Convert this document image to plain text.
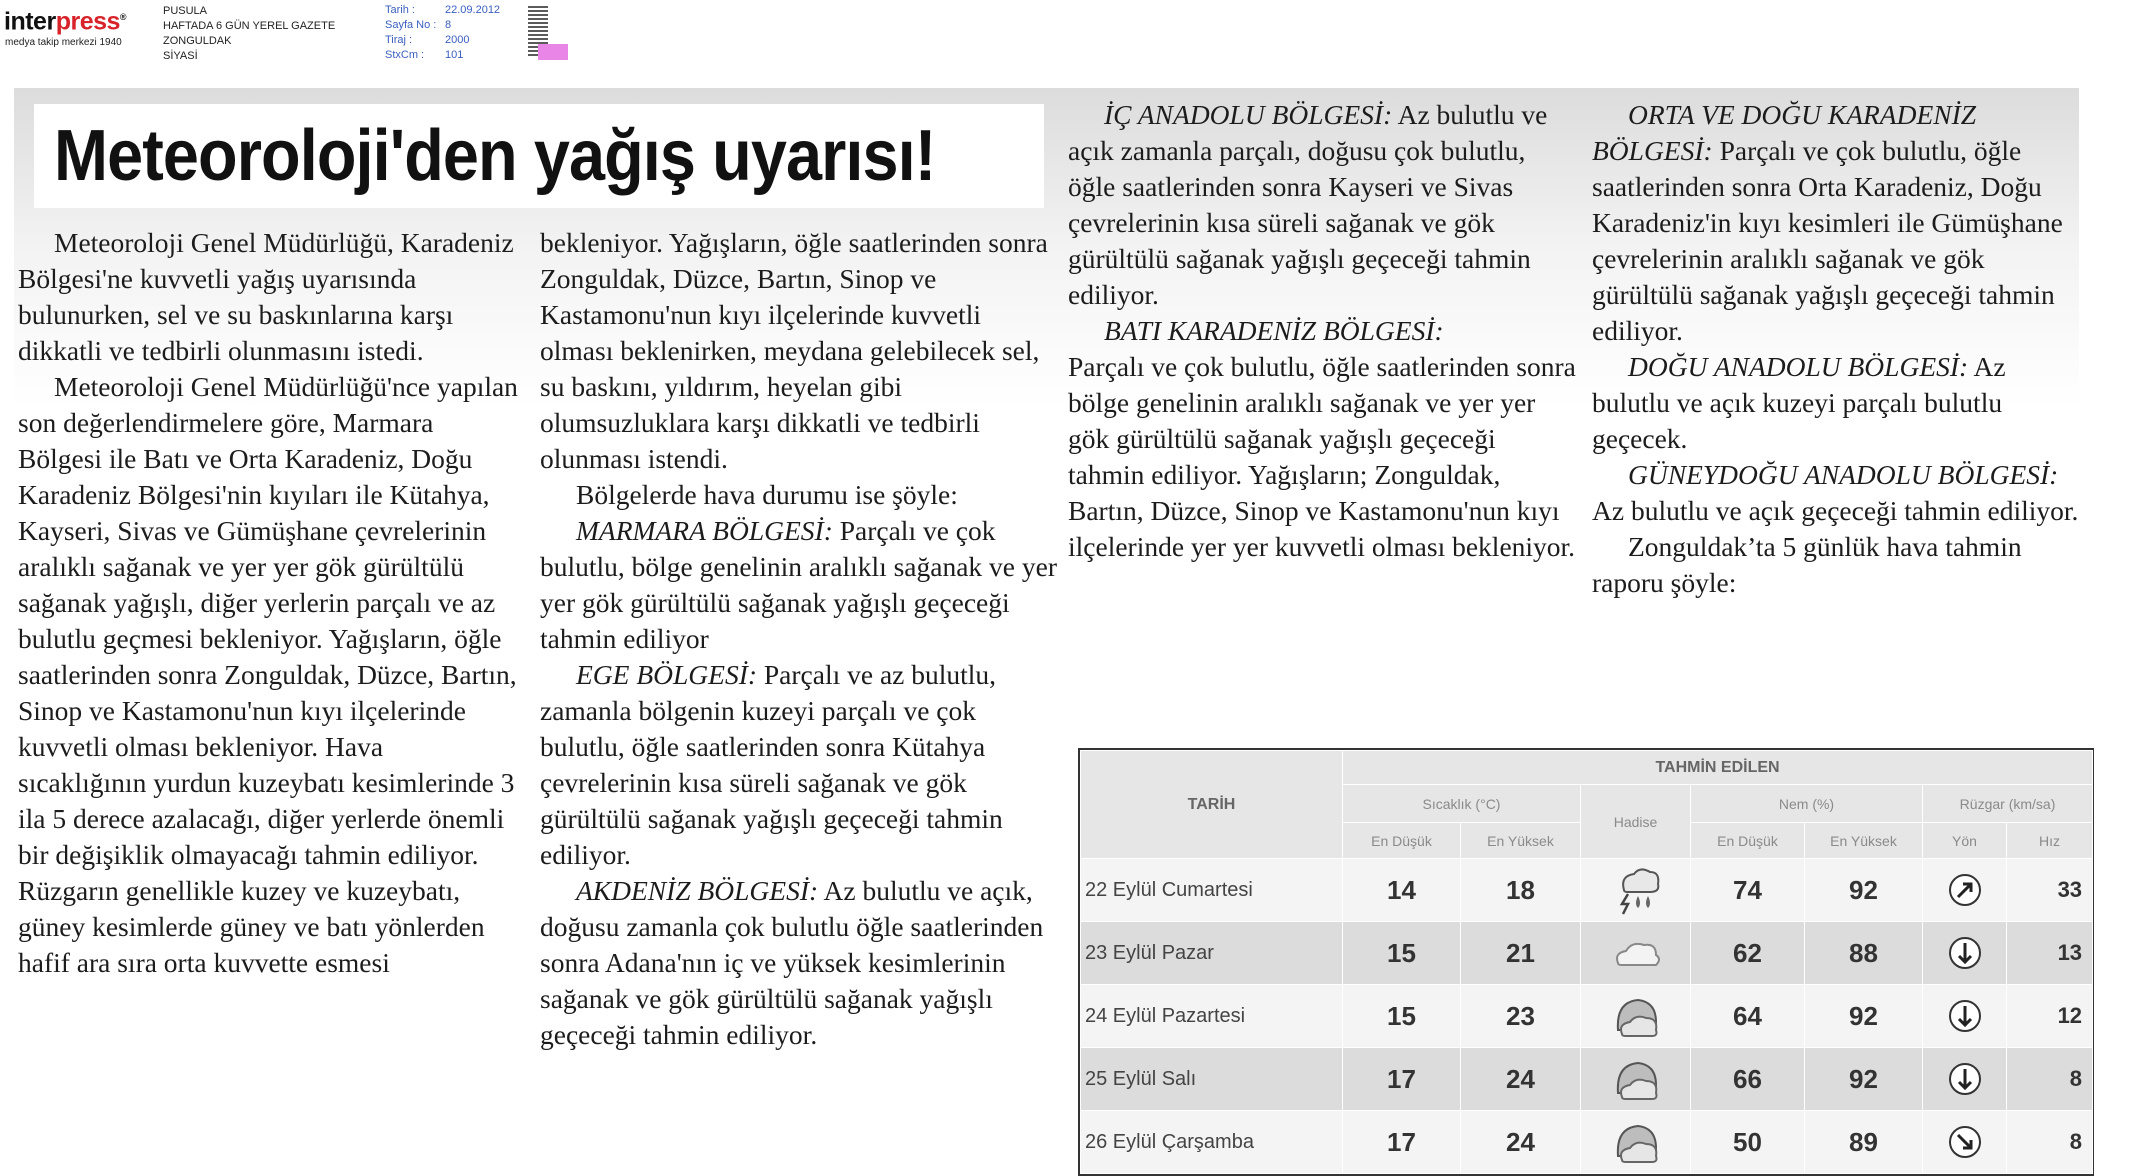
interpress®
medya takip merkezi 1940
PUSULA
HAFTADA 6 GÜN YEREL GAZETE
ZONGULDAK
SİYASİ
Tarih :	22.09.2012
Sayfa No : 8
Tiraj :	2000
StxCm :	101
Meteoroloji'den yağış uyarısı!

Meteoroloji Genel Müdürlüğü, Karadeniz Bölgesi'ne kuvvetli yağış uyarısında bulunurken, sel ve su baskınlarına karşı dikkatli ve tedbirli olunmasını istedi.

Meteoroloji Genel Müdürlüğü'nce yapılan son değerlendirmelere göre, Marmara Bölgesi ile Batı ve Orta Karadeniz, Doğu Karadeniz Bölgesi'nin kıyıları ile Kütahya, Kayseri, Sivas ve Gümüşhane çevrelerinin aralıklı sağanak ve yer yer gök gürültülü sağanak yağışlı, diğer yerlerin parçalı ve az bulutlu geçmesi bekleniyor. Yağışların, öğle saatlerinden sonra Zonguldak, Düzce, Bartın, Sinop ve Kastamonu'nun kıyı ilçelerinde kuvvetli olması bekleniyor. Hava sıcaklığının yurdun kuzeybatı kesimlerinde 3 ila 5 derece azalacağı, diğer yerlerde önemli bir değişiklik olmayacağı tahmin ediliyor. Rüzgarın genellikle kuzey ve kuzeybatı, güney kesimlerde güney ve batı yönlerden hafif ara sıra orta kuvvette esmesi

bekleniyor. Yağışların, öğle saatlerinden sonra Zonguldak, Düzce, Bartın, Sinop ve Kastamonu'nun kıyı ilçelerinde kuvvetli olması beklenirken, meydana gelebilecek sel, su baskını, yıldırım, heyelan gibi olumsuzluklara karşı dikkatli ve tedbirli olunması istendi.

Bölgelerde hava durumu ise şöyle:

MARMARA BÖLGESİ: Parçalı ve çok bulutlu, bölge genelinin aralıklı sağanak ve yer yer gök gürültülü sağanak yağışlı geçeceği tahmin ediliyor

EGE BÖLGESİ: Parçalı ve az bulutlu, zamanla bölgenin kuzeyi parçalı ve çok bulutlu, öğle saatlerinden sonra Kütahya çevrelerinin kısa süreli sağanak ve gök gürültülü sağanak yağışlı geçeceği tahmin ediliyor.

AKDENİZ BÖLGESİ: Az bulutlu ve açık, doğusu zamanla çok bulutlu öğle saatlerinden sonra Adana'nın iç ve yüksek kesimlerinin sağanak ve gök gürültülü sağanak yağışlı geçeceği tahmin ediliyor.

İÇ ANADOLU BÖLGESİ: Az bulutlu ve açık zamanla parçalı, doğusu çok bulutlu, öğle saatlerinden sonra Kayseri ve Sivas çevrelerinin kısa süreli sağanak ve gök gürültülü sağanak yağışlı geçeceği tahmin ediliyor.

BATI KARADENİZ BÖLGESİ:

Parçalı ve çok bulutlu, öğle saatlerinden sonra bölge genelinin aralıklı sağanak ve yer yer gök gürültülü sağanak yağışlı geçeceği tahmin ediliyor. Yağışların; Zonguldak, Bartın, Düzce, Sinop ve Kastamonu'nun kıyı ilçelerinde yer yer kuvvetli olması bekleniyor.

ORTA VE DOĞU KARADENİZ BÖLGESİ: Parçalı ve çok bulutlu, öğle saatlerinden sonra Orta Karadeniz, Doğu Karadeniz'in kıyı kesimleri ile Gümüşhane çevrelerinin aralıklı sağanak ve gök gürültülü sağanak yağışlı geçeceği tahmin ediliyor.

DOĞU ANADOLU BÖLGESİ: Az bulutlu ve açık kuzeyi parçalı bulutlu geçecek.

GÜNEYDOĞU ANADOLU BÖLGESİ: Az bulutlu ve açık geçeceği tahmin ediliyor.

Zonguldak’ta 5 günlük hava tahmin raporu şöyle:

TARİH	TAHMİN EDİLEN						
	Sıcaklık (°C)		Hadise	Nem (%)		Rüzgar (km/sa)	
	En Düşük	En Yüksek		En Düşük	En Yüksek	Yön	Hız
22 Eylül Cumartesi	14	18		74	92		33
23 Eylül Pazar	15	21		62	88		13
24 Eylül Pazartesi	15	23		64	92		12
25 Eylül Salı	17	24		66	92		8
26 Eylül Çarşamba	17	24		50	89		8
